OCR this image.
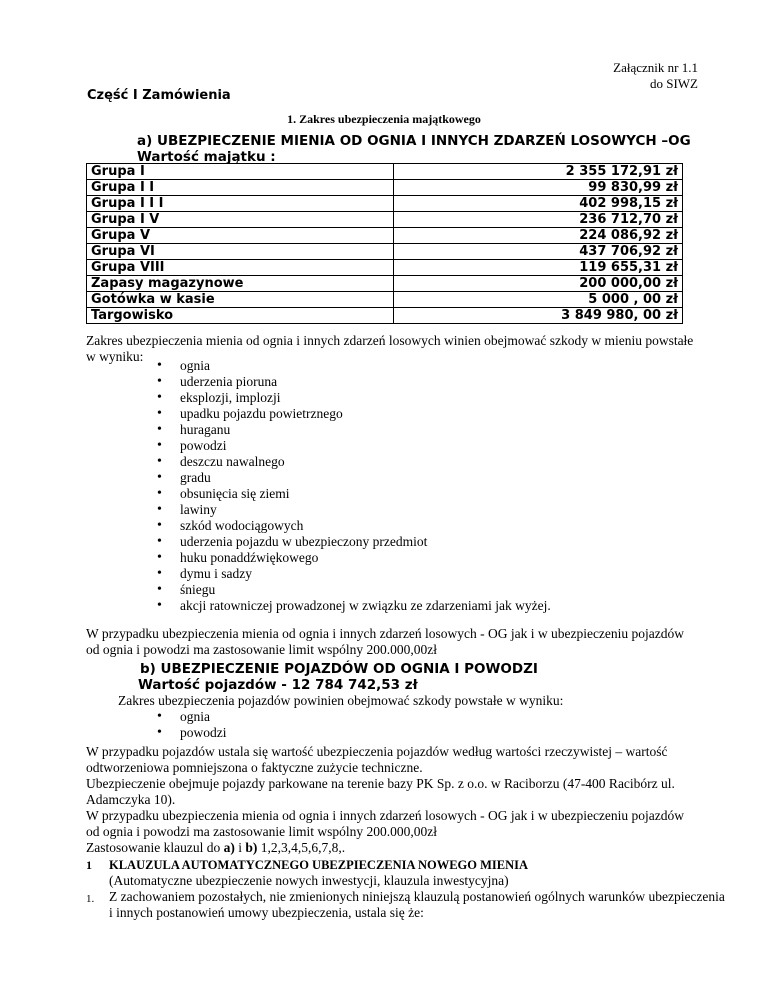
Załącznik nr 1.1
do SIWZ
Część I Zamówienia
1. Zakres ubezpieczenia majątkowego
a) UBEZPIECZENIE MIENIA OD OGNIA I INNYCH ZDARZEŃ LOSOWYCH –OG
Wartość majątku :
Grupa I	2 355 172,91 zł
Grupa I I	99 830,99 zł
Grupa I I I	402 998,15 zł
Grupa I V	236 712,70 zł
Grupa V	224 086,92 zł
Grupa VI	437 706,92 zł
Grupa VIII	119 655,31 zł
Zapasy magazynowe	200 000,00 zł
Gotówka w kasie	5 000 , 00 zł
Targowisko	3 849 980, 00 zł
Zakres ubezpieczenia mienia od ognia i innych zdarzeń losowych winien obejmować szkody w mieniu powstałe w wyniku:
• ognia
• uderzenia pioruna
• eksplozji, implozji
• upadku pojazdu powietrznego
• huraganu
• powodzi
• deszczu nawalnego
• gradu
• obsunięcia się ziemi
• lawiny
• szkód wodociągowych
• uderzenia pojazdu w ubezpieczony przedmiot
• huku ponaddźwiękowego
• dymu i sadzy
• śniegu
• akcji ratowniczej prowadzonej w związku ze zdarzeniami jak wyżej.
W przypadku ubezpieczenia mienia od ognia i innych zdarzeń losowych - OG jak i w ubezpieczeniu pojazdów od ognia i powodzi ma zastosowanie limit wspólny 200.000,00zł
b) UBEZPIECZENIE POJAZDÓW OD OGNIA I POWODZI
Wartość pojazdów - 12 784 742,53 zł
Zakres ubezpieczenia pojazdów powinien obejmować szkody powstałe w wyniku:
• ognia
• powodzi
W przypadku pojazdów ustala się wartość ubezpieczenia pojazdów według wartości rzeczywistej – wartość odtworzeniowa pomniejszona o faktyczne zużycie techniczne.
Ubezpieczenie obejmuje pojazdy parkowane na terenie bazy PK Sp. z o.o. w Raciborzu (47-400 Racibórz ul. Adamczyka 10).
W przypadku ubezpieczenia mienia od ognia i innych zdarzeń losowych - OG jak i w ubezpieczeniu pojazdów od ognia i powodzi ma zastosowanie limit wspólny 200.000,00zł
Zastosowanie klauzul do a) i b) 1,2,3,4,5,6,7,8,.
1 KLAUZULA AUTOMATYCZNEGO UBEZPIECZENIA NOWEGO MIENIA
(Automatyczne ubezpieczenie nowych inwestycji, klauzula inwestycyjna)
1. Z zachowaniem pozostałych, nie zmienionych niniejszą klauzulą postanowień ogólnych warunków ubezpieczenia i innych postanowień umowy ubezpieczenia, ustala się że:
